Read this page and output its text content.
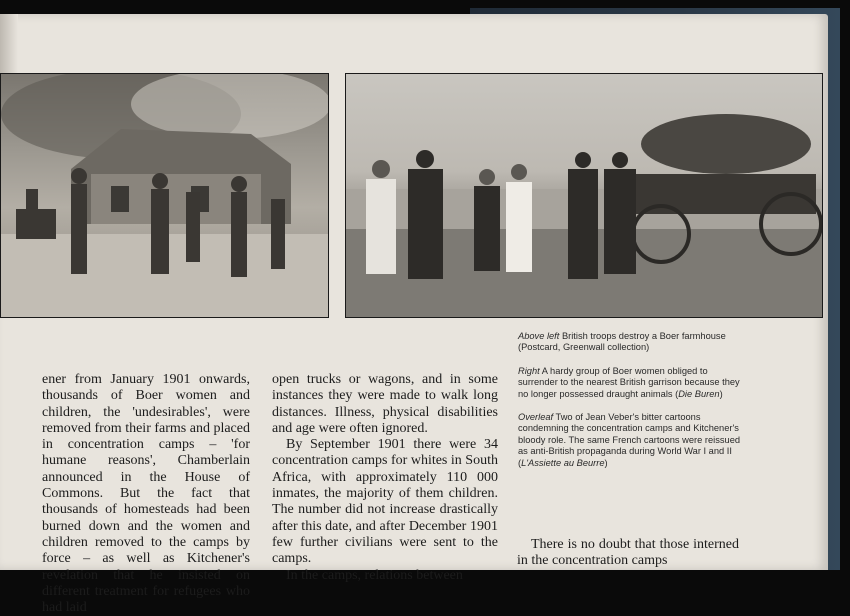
Above left British troops destroy a Boer farmhouse (Postcard, Greenwall collection)

Right A hardy group of Boer women obliged to surrender to the nearest British garrison because they no longer possessed draught animals (Die Buren)

Overleaf Two of Jean Veber's bitter cartoons condemning the concentration camps and Kitchener's bloody role. The same French cartoons were reissued as anti-British propaganda during World War I and II (L'Assiette au Beurre)

ener from January 1901 onwards, thousands of Boer women and children, the 'undesirables', were removed from their farms and placed in concentration camps – 'for humane reasons', Chamberlain announced in the House of Commons. But the fact that thousands of homesteads had been burned down and the women and children removed to the camps by force – as well as Kitchener's revelation that he insisted on different treatment for refugees who had laid

open trucks or wagons, and in some instances they were made to walk long distances. Illness, physical disabilities and age were often ignored.

By September 1901 there were 34 concentration camps for whites in South Africa, with approximately 110 000 inmates, the majority of them children. The number did not increase drastically after this date, and after December 1901 few further civilians were sent to the camps.

In the camps, relations between

There is no doubt that those interned in the concentration camps
